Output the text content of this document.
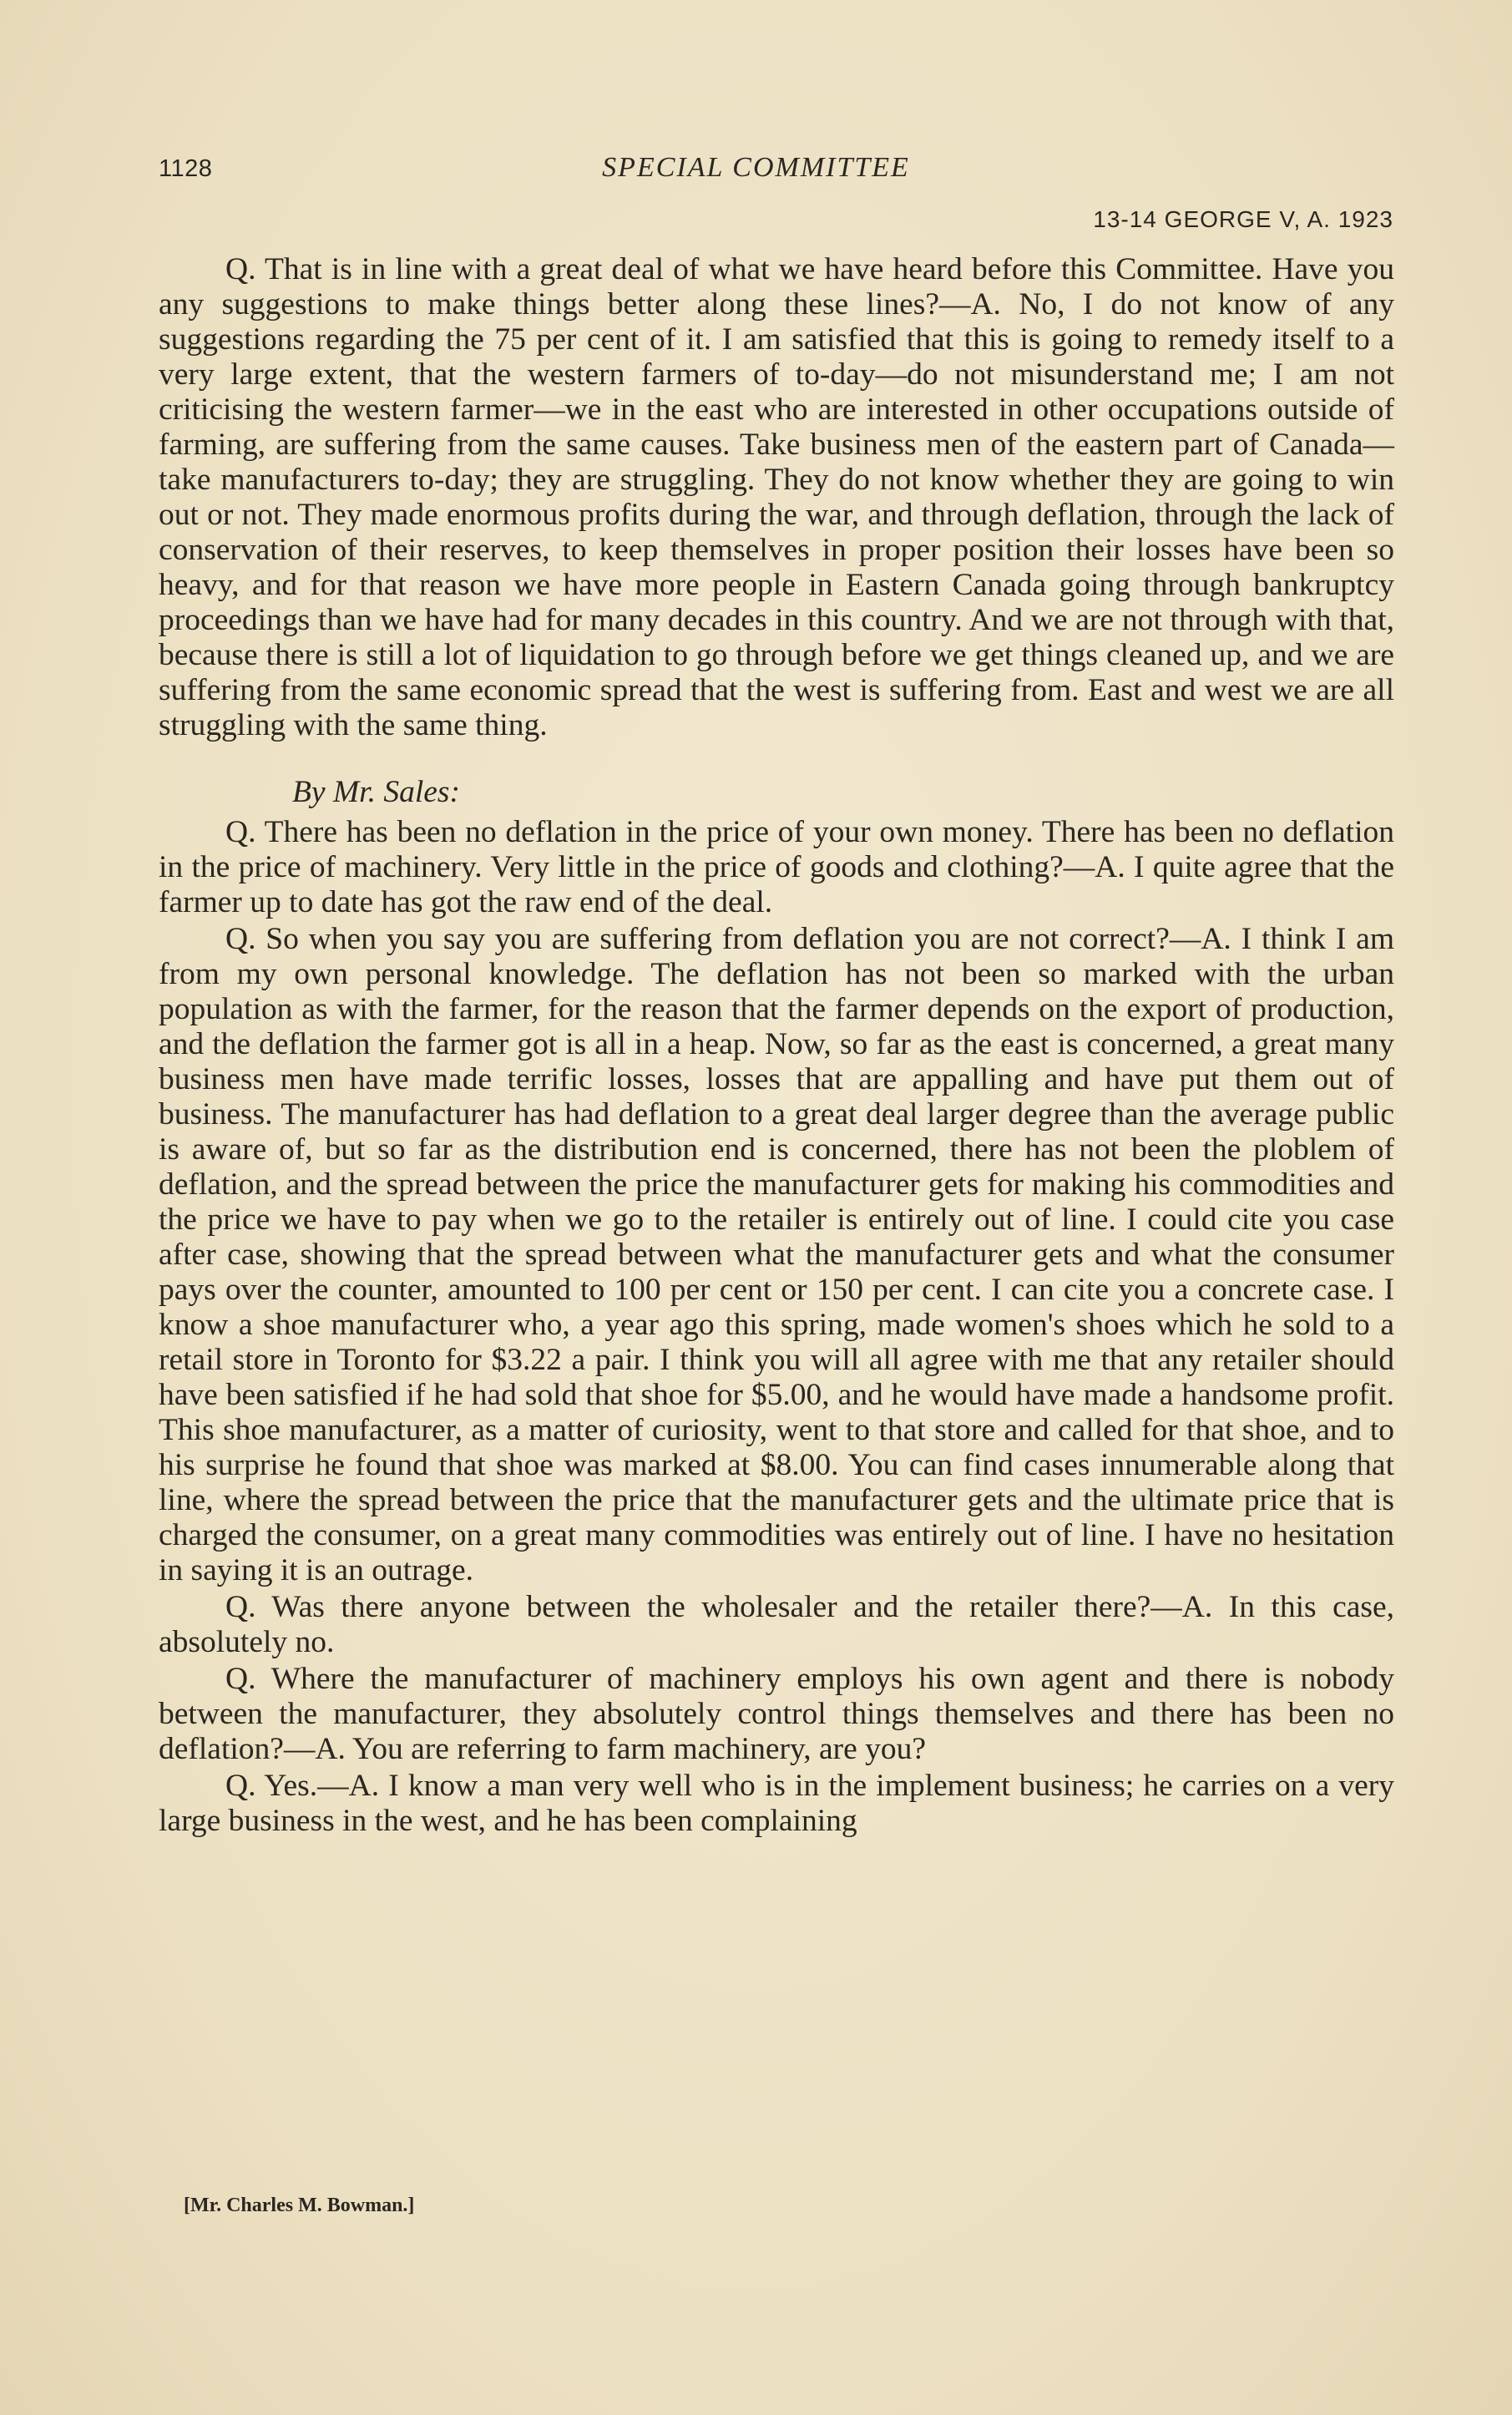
1128	SPECIAL COMMITTEE
13-14 GEORGE V, A. 1923

Q. That is in line with a great deal of what we have heard before this Committee. Have you any suggestions to make things better along these lines?—A. No, I do not know of any suggestions regarding the 75 per cent of it. I am satisfied that this is going to remedy itself to a very large extent, that the western farmers of to-day—do not misunderstand me; I am not criticising the western farmer—we in the east who are interested in other occupations outside of farming, are suffering from the same causes. Take business men of the eastern part of Canada—take manufacturers to-day; they are struggling. They do not know whether they are going to win out or not. They made enormous profits during the war, and through deflation, through the lack of conservation of their reserves, to keep themselves in proper position their losses have been so heavy, and for that reason we have more people in Eastern Canada going through bankruptcy proceedings than we have had for many decades in this country. And we are not through with that, because there is still a lot of liquidation to go through before we get things cleaned up, and we are suffering from the same economic spread that the west is suffering from. East and west we are all struggling with the same thing.

By Mr. Sales:

Q. There has been no deflation in the price of your own money. There has been no deflation in the price of machinery. Very little in the price of goods and clothing?—A. I quite agree that the farmer up to date has got the raw end of the deal.

Q. So when you say you are suffering from deflation you are not correct?—A. I think I am from my own personal knowledge. The deflation has not been so marked with the urban population as with the farmer, for the reason that the farmer depends on the export of production, and the deflation the farmer got is all in a heap. Now, so far as the east is concerned, a great many business men have made terrific losses, losses that are appalling and have put them out of business. The manufacturer has had deflation to a great deal larger degree than the average public is aware of, but so far as the distribution end is concerned, there has not been the ploblem of deflation, and the spread between the price the manufacturer gets for making his commodities and the price we have to pay when we go to the retailer is entirely out of line. I could cite you case after case, showing that the spread between what the manufacturer gets and what the consumer pays over the counter, amounted to 100 per cent or 150 per cent. I can cite you a concrete case. I know a shoe manufacturer who, a year ago this spring, made women's shoes which he sold to a retail store in Toronto for $3.22 a pair. I think you will all agree with me that any retailer should have been satisfied if he had sold that shoe for $5.00, and he would have made a handsome profit. This shoe manufacturer, as a matter of curiosity, went to that store and called for that shoe, and to his surprise he found that shoe was marked at $8.00. You can find cases innumerable along that line, where the spread between the price that the manufacturer gets and the ultimate price that is charged the consumer, on a great many commodities was entirely out of line. I have no hesitation in saying it is an outrage.

Q. Was there anyone between the wholesaler and the retailer there?—A. In this case, absolutely no.

Q. Where the manufacturer of machinery employs his own agent and there is nobody between the manufacturer, they absolutely control things themselves and there has been no deflation?—A. You are referring to farm machinery, are you?

Q. Yes.—A. I know a man very well who is in the implement business; he carries on a very large business in the west, and he has been complaining

[Mr. Charles M. Bowman.]
